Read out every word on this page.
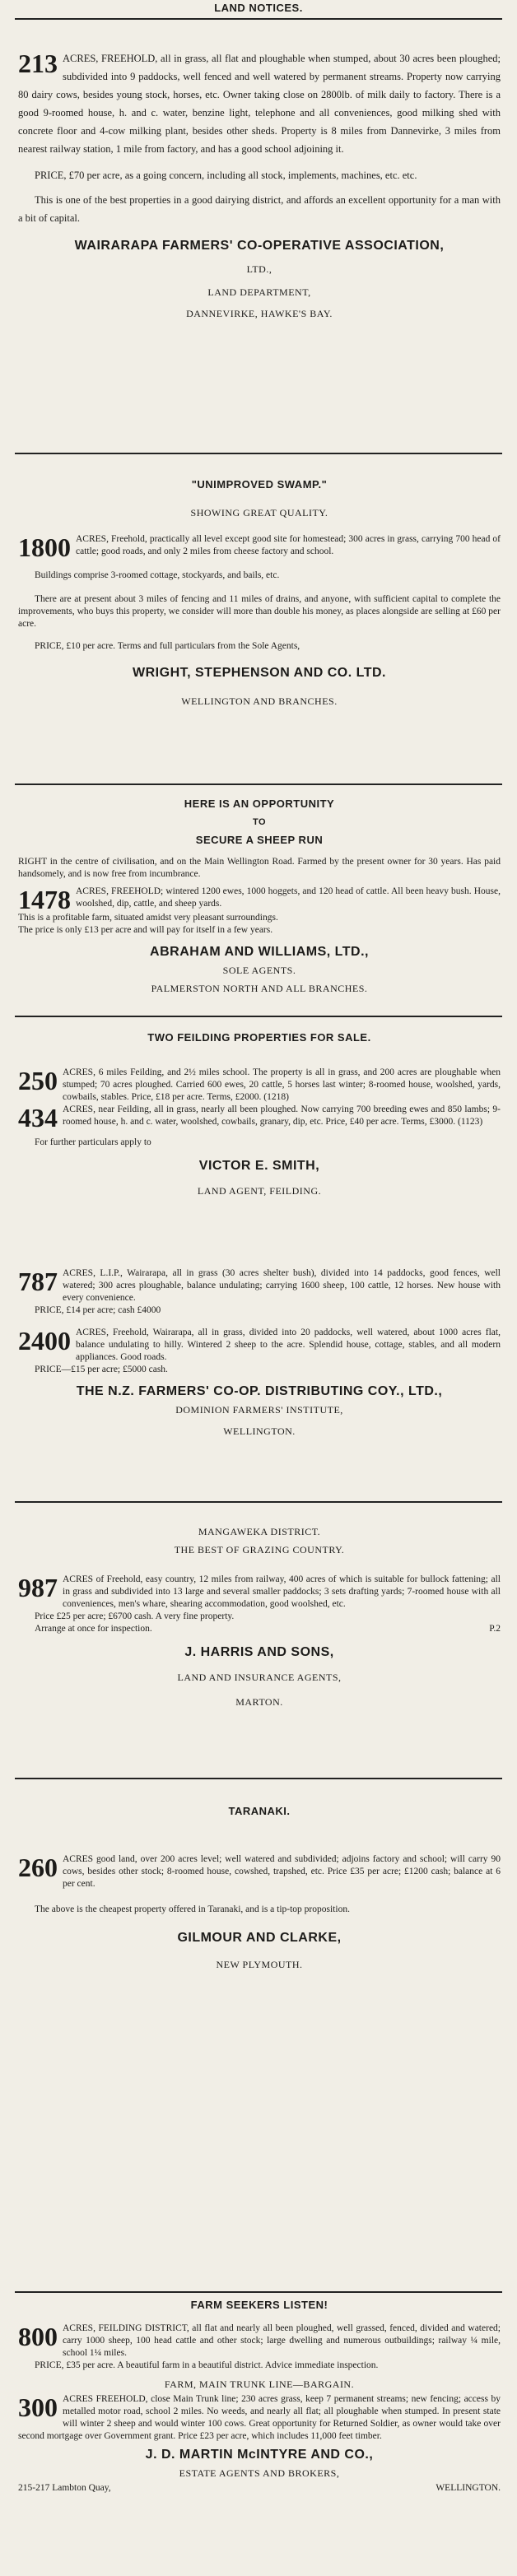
LAND NOTICES.

213 ACRES, FREEHOLD, all in grass, all flat and ploughable when stumped, about 30 acres been ploughed; subdivided into 9 paddocks, well fenced and well watered by permanent streams. Property now carrying 80 dairy cows, besides young stock, horses, etc. Owner taking close on 2800lb. of milk daily to factory. There is a good 9-roomed house, h. and c. water, benzine light, telephone and all conveniences, good milking shed with concrete floor and 4-cow milking plant, besides other sheds. Property is 8 miles from Dannevirke, 3 miles from nearest railway station, 1 mile from factory, and has a good school adjoining it.

PRICE, £70 per acre, as a going concern, including all stock, implements, machines, etc. etc.

This is one of the best properties in a good dairying district, and affords an excellent opportunity for a man with a bit of capital.

WAIRARAPA FARMERS' CO-OPERATIVE ASSOCIATION,
LTD.,
LAND DEPARTMENT,
DANNEVIRKE, HAWKE'S BAY.
"UNIMPROVED SWAMP."
SHOWING GREAT QUALITY.

1800 ACRES, Freehold, practically all level except good site for homestead; 300 acres in grass, carrying 700 head of cattle; good roads, and only 2 miles from cheese factory and school.

Buildings comprise 3-roomed cottage, stockyards, and bails, etc.

There are at present about 3 miles of fencing and 11 miles of drains, and anyone, with sufficient capital to complete the improvements, who buys this property, we consider will more than double his money, as places alongside are selling at £60 per acre.

PRICE, £10 per acre. Terms and full particulars from the Sole Agents,

WRIGHT, STEPHENSON AND CO. LTD.
WELLINGTON AND BRANCHES.
HERE IS AN OPPORTUNITY
TO
SECURE A SHEEP RUN

RIGHT in the centre of civilisation, and on the Main Wellington Road. Farmed by the present owner for 30 years. Has paid handsomely, and is now free from incumbrance.

1478 ACRES, FREEHOLD; wintered 1200 ewes, 1000 hoggets, and 120 head of cattle. All been heavy bush. House, woolshed, dip, cattle, and sheep yards.

This is a profitable farm, situated amidst very pleasant surroundings.

The price is only £13 per acre and will pay for itself in a few years.

ABRAHAM AND WILLIAMS, LTD.,
SOLE AGENTS.
PALMERSTON NORTH AND ALL BRANCHES.
TWO FEILDING PROPERTIES FOR SALE.

250 ACRES, 6 miles Feilding, and 2½ miles school. The property is all in grass, and 200 acres are ploughable when stumped; 70 acres ploughed. Carried 600 ewes, 20 cattle, 5 horses last winter; 8-roomed house, woolshed, yards, cowbails, stables. Price, £18 per acre. Terms, £2000. (1218)

434 ACRES, near Feilding, all in grass, nearly all been ploughed. Now carrying 700 breeding ewes and 850 lambs; 9-roomed house, h. and c. water, woolshed, cowbails, granary, dip, etc. Price, £40 per acre. Terms, £3000. (1123)

For further particulars apply to

VICTOR E. SMITH,
LAND AGENT, FEILDING.

787 ACRES, L.I.P., Wairarapa, all in grass (30 acres shelter bush), divided into 14 paddocks, good fences, well watered; 300 acres ploughable, balance undulating; carrying 1600 sheep, 100 cattle, 12 horses. New house with every convenience.

PRICE, £14 per acre; cash £4000

2400 ACRES, Freehold, Wairarapa, all in grass, divided into 20 paddocks, well watered, about 1000 acres flat, balance undulating to hilly. Wintered 2 sheep to the acre. Splendid house, cottage, stables, and all modern appliances. Good roads.

PRICE—£15 per acre; £5000 cash.

THE N.Z. FARMERS' CO-OP. DISTRIBUTING COY., LTD.,
DOMINION FARMERS' INSTITUTE,
WELLINGTON.
MANGAWEKA DISTRICT.
THE BEST OF GRAZING COUNTRY.

987 ACRES of Freehold, easy country, 12 miles from railway, 400 acres of which is suitable for bullock fattening; all in grass and subdivided into 13 large and several smaller paddocks; 3 sets drafting yards; 7-roomed house with all conveniences, men's whare, shearing accommodation, good woolshed, etc.

Price £25 per acre; £6700 cash. A very fine property.

Arrange at once for inspection.	P.2

J. HARRIS AND SONS,
LAND AND INSURANCE AGENTS,
MARTON.
TARANAKI.

260 ACRES good land, over 200 acres level; well watered and subdivided; adjoins factory and school; will carry 90 cows, besides other stock; 8-roomed house, cowshed, trapshed, etc. Price £35 per acre; £1200 cash; balance at 6 per cent.

The above is the cheapest property offered in Taranaki, and is a tip-top proposition.

GILMOUR AND CLARKE,
NEW PLYMOUTH.
FARM SEEKERS LISTEN!

800 ACRES, FEILDING DISTRICT, all flat and nearly all been ploughed, well grassed, fenced, divided and watered; carry 1000 sheep, 100 head cattle and other stock; large dwelling and numerous outbuildings; railway ¼ mile, school 1¼ miles.

PRICE, £35 per acre. A beautiful farm in a beautiful district. Advice immediate inspection.

FARM, MAIN TRUNK LINE—BARGAIN.

300 ACRES FREEHOLD, close Main Trunk line; 230 acres grass, keep 7 permanent streams; new fencing; access by metalled motor road, school 2 miles. No weeds, and nearly all flat; all ploughable when stumped. In present state will winter 2 sheep and would winter 100 cows. Great opportunity for Returned Soldier, as owner would take over second mortgage over Government grant. Price £23 per acre, which includes 11,000 feet timber.

J. D. MARTIN McINTYRE AND CO.,
ESTATE AGENTS AND BROKERS,
215-217 Lambton Quay,	WELLINGTON.
